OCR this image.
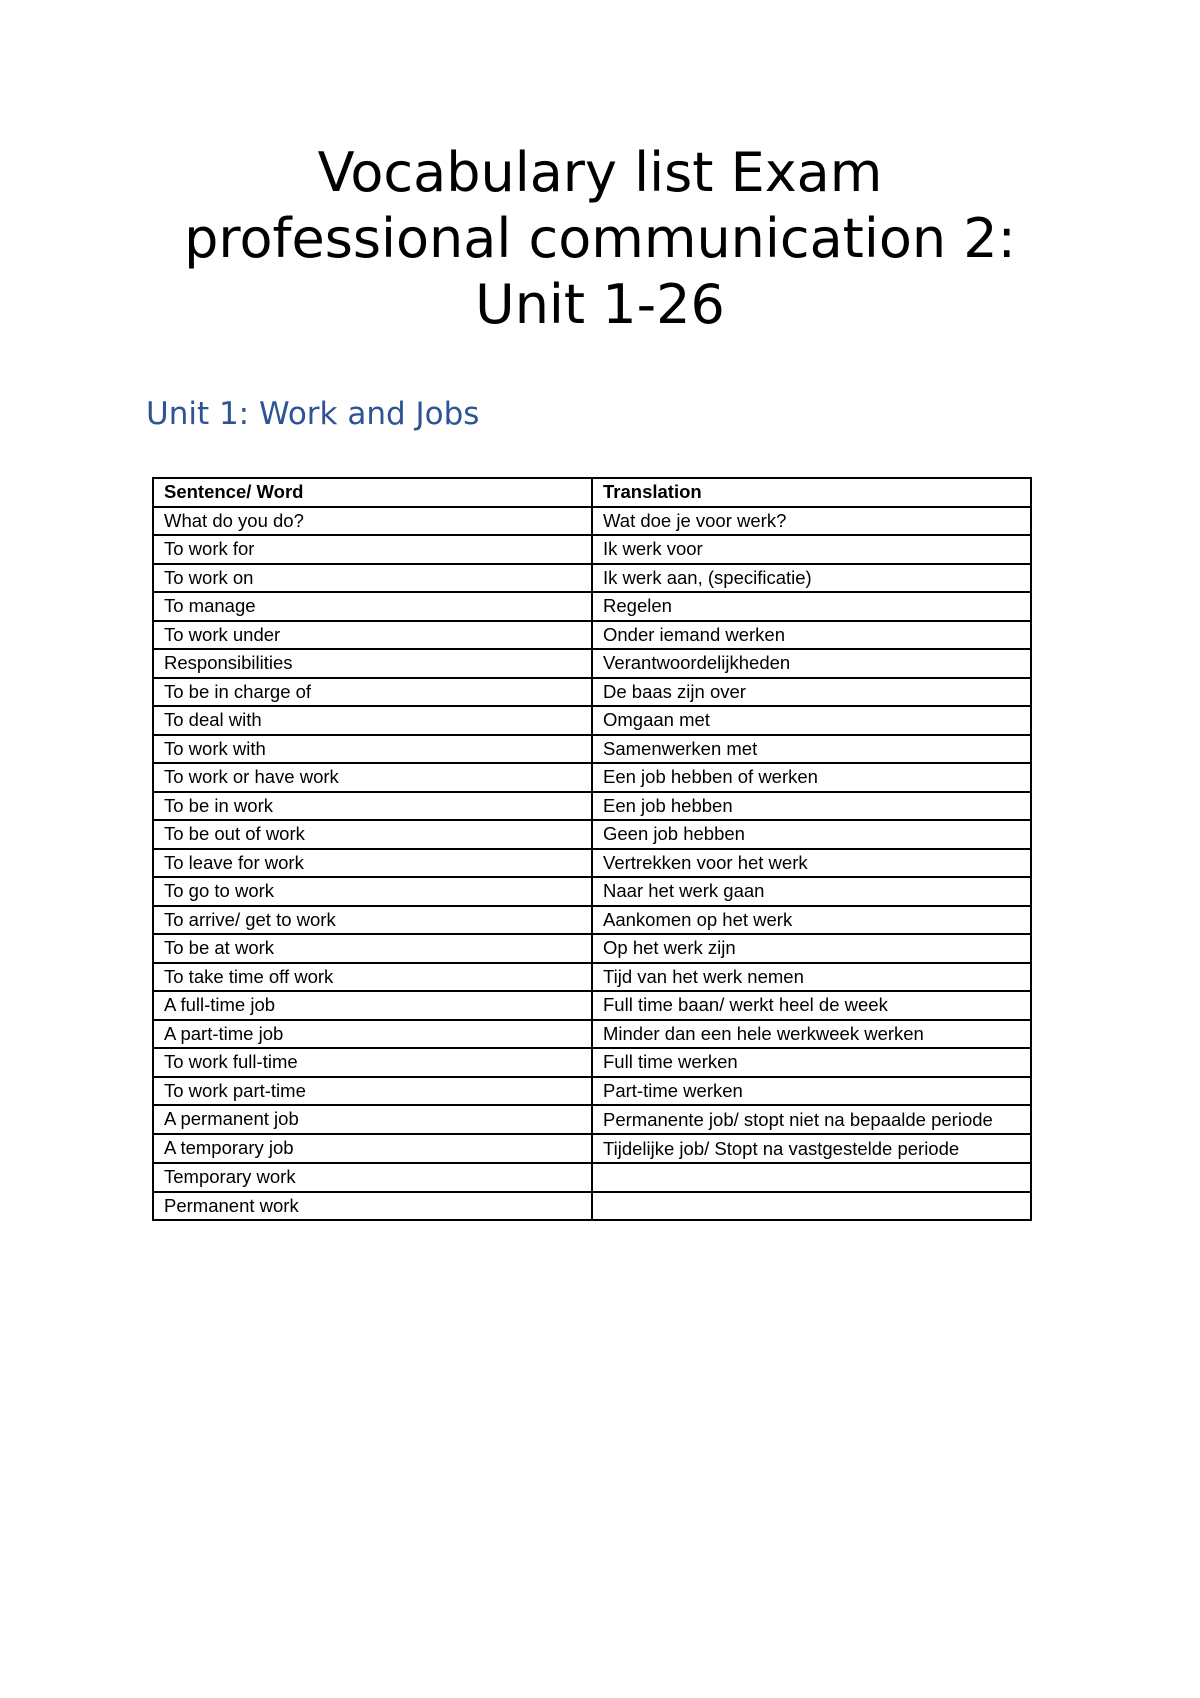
Vocabulary list Exam
professional communication 2:
Unit 1-26
Unit 1: Work and Jobs
Sentence/ Word	Translation
What do you do?	Wat doe je voor werk?
To work for	Ik werk voor
To work on	Ik werk aan, (specificatie)
To manage	Regelen
To work under	Onder iemand werken
Responsibilities	Verantwoordelijkheden
To be in charge of	De baas zijn over
To deal with	Omgaan met
To work with	Samenwerken met
To work or have work	Een job hebben of werken
To be in work	Een job hebben
To be out of work	Geen job hebben
To leave for work	Vertrekken voor het werk
To go to work	Naar het werk gaan
To arrive/ get to work	Aankomen op het werk
To be at work	Op het werk zijn
To take time off work	Tijd van het werk nemen
A full-time job	Full time baan/ werkt heel de week
A part-time job	Minder dan een hele werkweek werken
To work full-time	Full time werken
To work part-time	Part-time werken
A permanent job	Permanente job/ stopt niet na bepaalde periode
A temporary job	Tijdelijke job/ Stopt na vastgestelde periode
Temporary work	
Permanent work	
